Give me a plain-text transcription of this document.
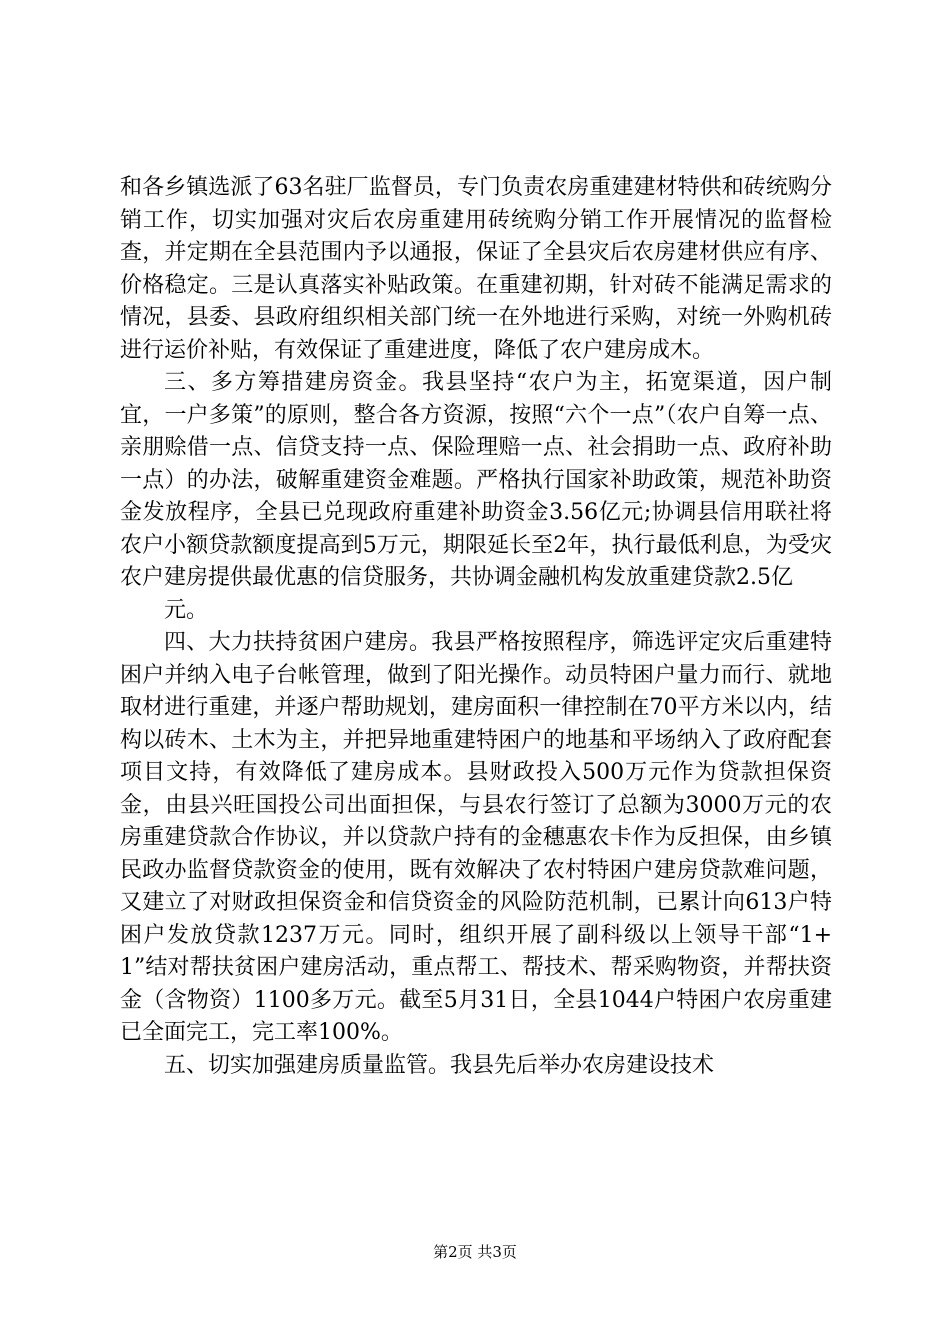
和各乡镇选派了63名驻厂监督员，专门负责农房重建建材特供和砖统购分销工作，切实加强对灾后农房重建用砖统购分销工作开展情况的监督检查，并定期在全县范围内予以通报，保证了全县灾后农房建材供应有序、价格稳定。三是认真落实补贴政策。在重建初期，针对砖不能满足需求的情况，县委、县政府组织相关部门统一在外地进行采购，对统一外购机砖进行运价补贴，有效保证了重建进度，降低了农户建房成木。

三、多方筹措建房资金。我县坚持“农户为主，拓宽渠道，因户制宜，一户多策”的原则，整合各方资源，按照“六个一点”（农户自筹一点、亲朋赊借一点、信贷支持一点、保险理赔一点、社会捐助一点、政府补助一点）的办法，破解重建资金难题。严格执行国家补助政策，规范补助资金发放程序，全县已兑现政府重建补助资金3.56亿元;协调县信用联社将农户小额贷款额度提高到5万元，期限延长至2年，执行最低利息，为受灾农户建房提供最优惠的信贷服务，共协调金融机构发放重建贷款2.5亿

元。

四、大力扶持贫困户建房。我县严格按照程序，筛选评定灾后重建特困户并纳入电子台帐管理，做到了阳光操作。动员特困户量力而行、就地取材进行重建，并逐户帮助规划，建房面积一律控制在70平方米以内，结构以砖木、土木为主，并把异地重建特困户的地基和平场纳入了政府配套项目文持，有效降低了建房成本。县财政投入500万元作为贷款担保资金，由县兴旺国投公司出面担保，与县农行签订了总额为3000万元的农房重建贷款合作协议，并以贷款户持有的金穗惠农卡作为反担保，由乡镇民政办监督贷款资金的使用，既有效解决了农村特困户建房贷款难问题，又建立了对财政担保资金和信贷资金的风险防范机制，已累计向613户特困户发放贷款1237万元。同时，组织开展了副科级以上领导干部“1+1”结对帮扶贫困户建房活动，重点帮工、帮技术、帮采购物资，并帮扶资金（含物资）1100多万元。截至5月31日，全县1044户特困户农房重建已全面完工，完工率100%。

五、切实加强建房质量监管。我县先后举办农房建设技术

第2页 共3页
